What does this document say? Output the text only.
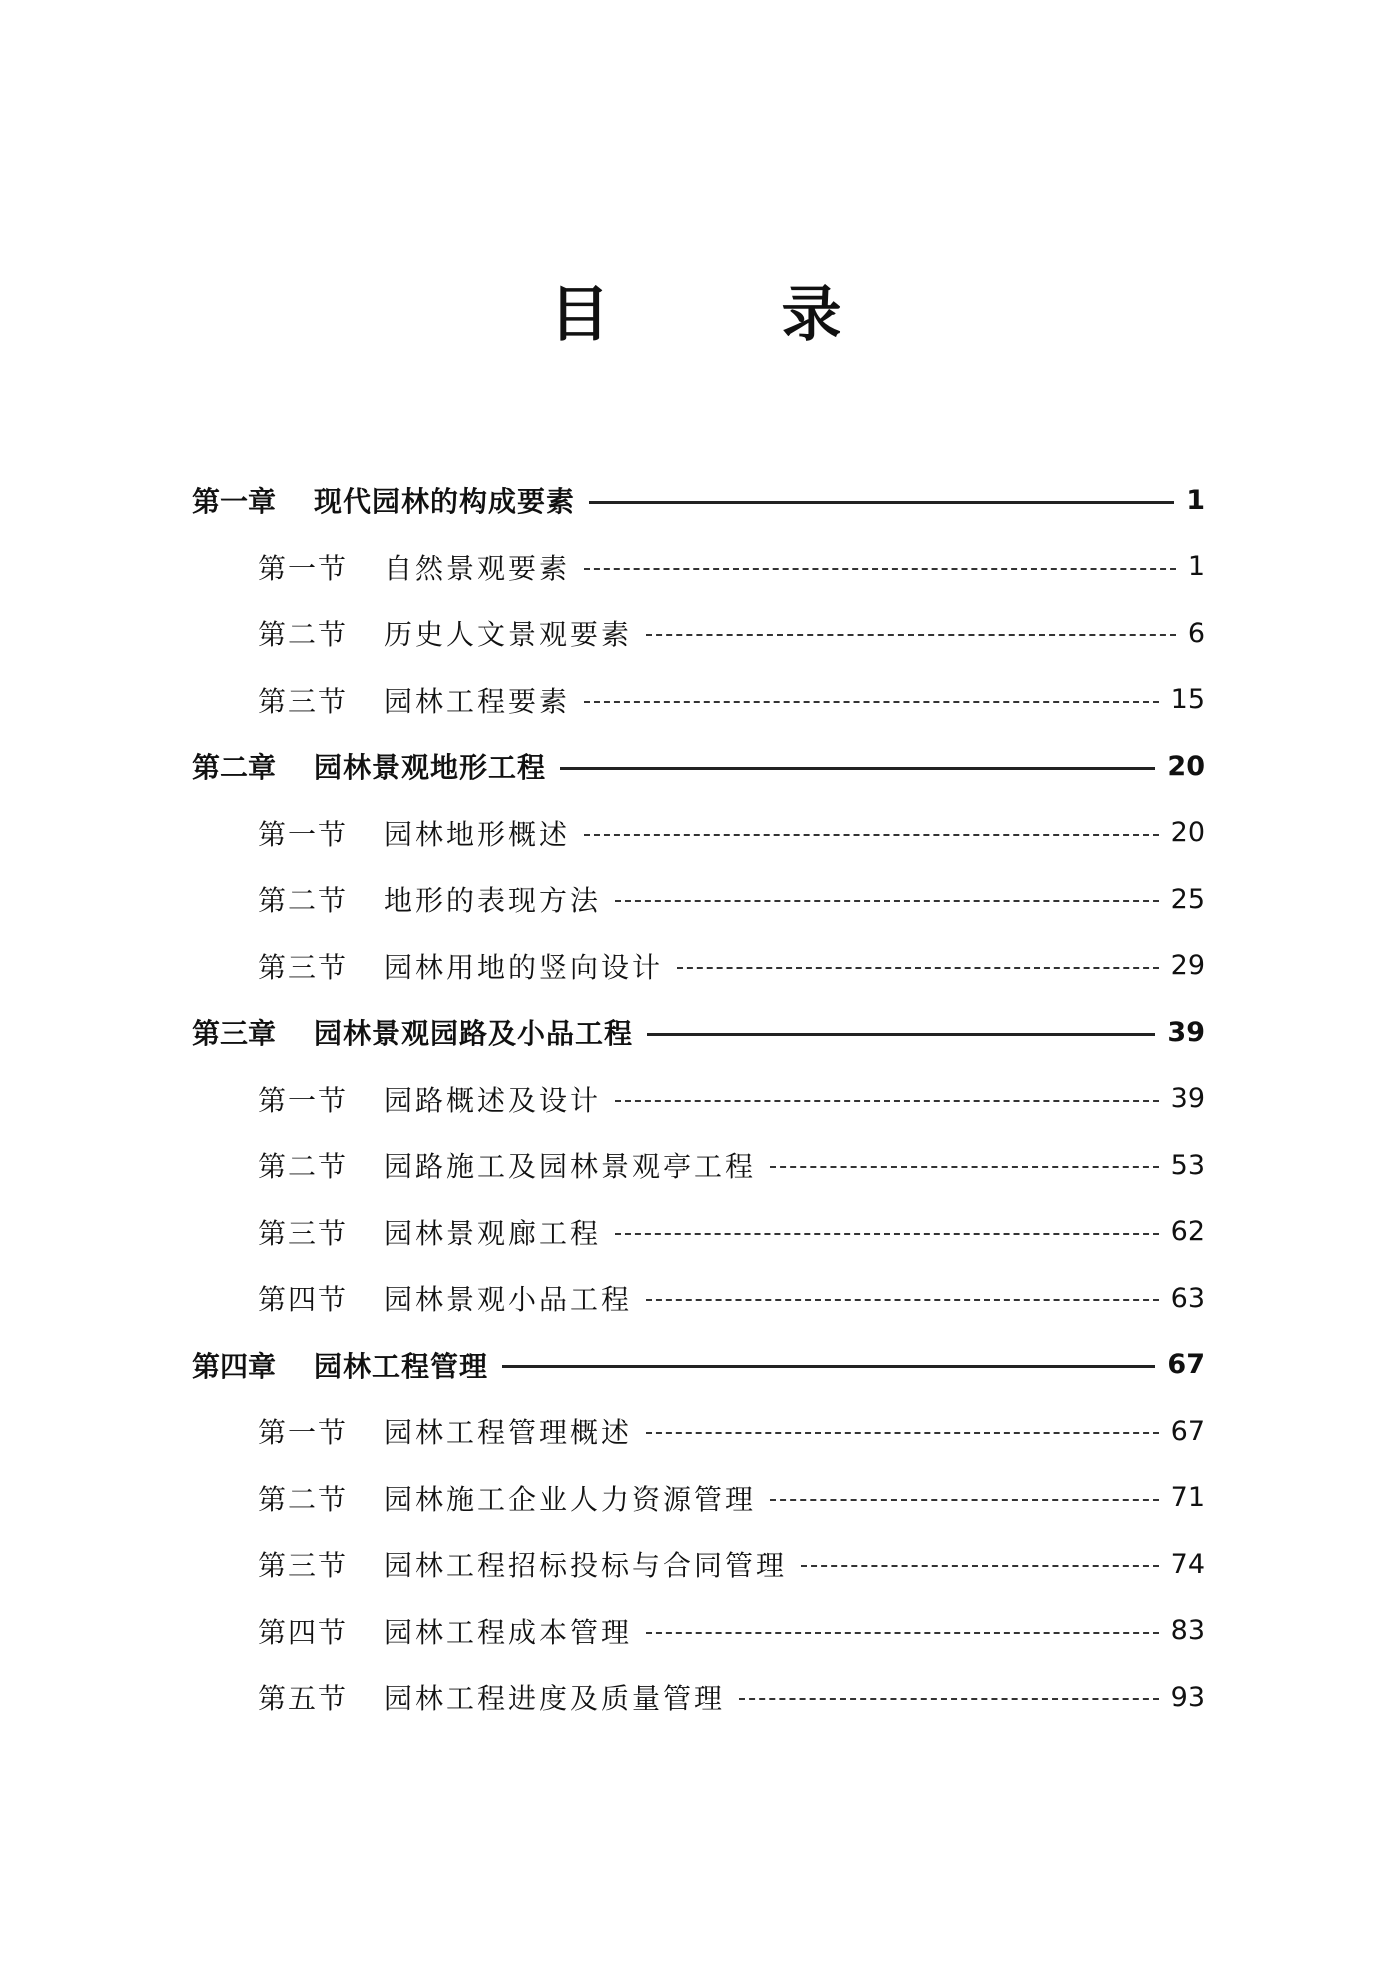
目　录
第一章 现代园林的构成要素	1
第一节 自然景观要素	1
第二节 历史人文景观要素	6
第三节 园林工程要素	15
第二章 园林景观地形工程	20
第一节 园林地形概述	20
第二节 地形的表现方法	25
第三节 园林用地的竖向设计	29
第三章 园林景观园路及小品工程	39
第一节 园路概述及设计	39
第二节 园路施工及园林景观亭工程	53
第三节 园林景观廊工程	62
第四节 园林景观小品工程	63
第四章 园林工程管理	67
第一节 园林工程管理概述	67
第二节 园林施工企业人力资源管理	71
第三节 园林工程招标投标与合同管理	74
第四节 园林工程成本管理	83
第五节 园林工程进度及质量管理	93
